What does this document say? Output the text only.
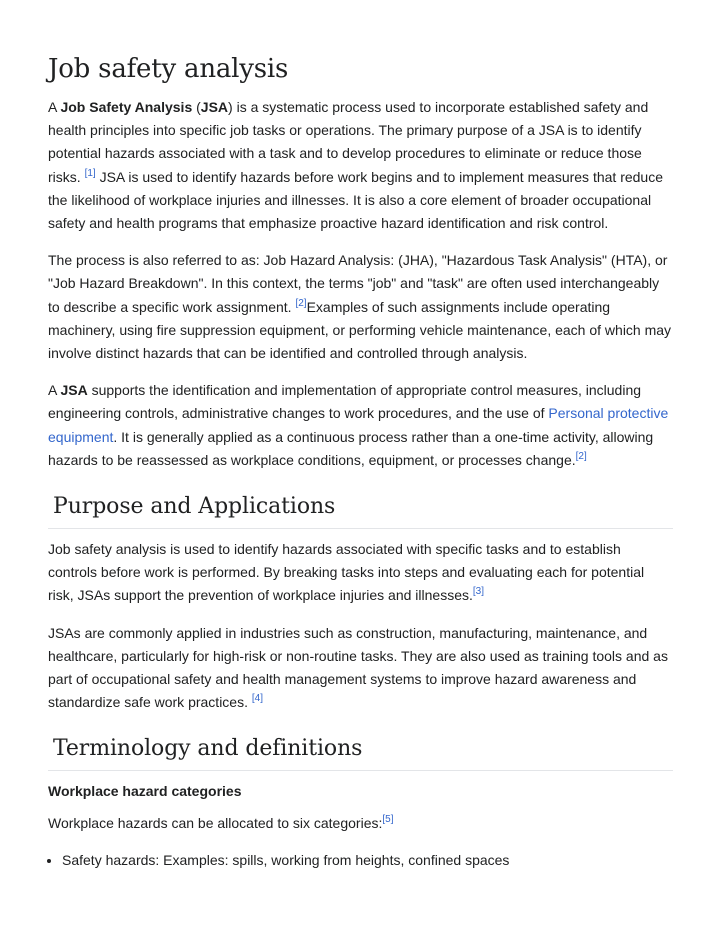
Job safety analysis

A Job Safety Analysis (JSA) is a systematic process used to incorporate established safety and health principles into specific job tasks or operations. The primary purpose of a JSA is to identify potential hazards associated with a task and to develop procedures to eliminate or reduce those risks. [1] JSA is used to identify hazards before work begins and to implement measures that reduce the likelihood of workplace injuries and illnesses. It is also a core element of broader occupational safety and health programs that emphasize proactive hazard identification and risk control.

The process is also referred to as: Job Hazard Analysis: (JHA), "Hazardous Task Analysis" (HTA), or "Job Hazard Breakdown". In this context, the terms "job" and "task" are often used interchangeably to describe a specific work assignment. [2]Examples of such assignments include operating machinery, using fire suppression equipment, or performing vehicle maintenance, each of which may involve distinct hazards that can be identified and controlled through analysis.

A JSA supports the identification and implementation of appropriate control measures, including engineering controls, administrative changes to work procedures, and the use of Personal protective equipment. It is generally applied as a continuous process rather than a one-time activity, allowing hazards to be reassessed as workplace conditions, equipment, or processes change.[2]

Purpose and Applications

Job safety analysis is used to identify hazards associated with specific tasks and to establish controls before work is performed. By breaking tasks into steps and evaluating each for potential risk, JSAs support the prevention of workplace injuries and illnesses.[3]

JSAs are commonly applied in industries such as construction, manufacturing, maintenance, and healthcare, particularly for high-risk or non-routine tasks. They are also used as training tools and as part of occupational safety and health management systems to improve hazard awareness and standardize safe work practices. [4]

Terminology and definitions
Workplace hazard categories

Workplace hazards can be allocated to six categories:[5]

• Safety hazards: Examples: spills, working from heights, confined spaces
